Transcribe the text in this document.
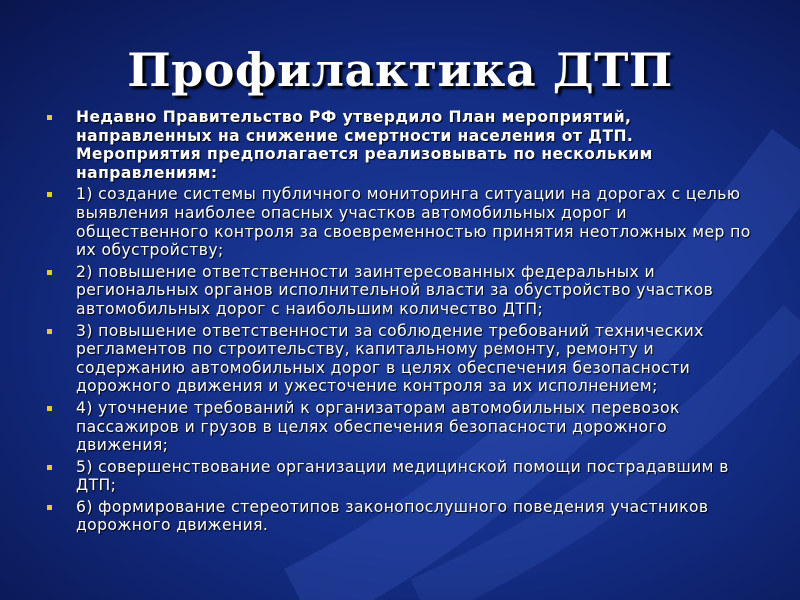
Профилактика ДТП
Недавно Правительство РФ утвердило План мероприятий, направленных на снижение смертности населения от ДТП. Мероприятия предполагается реализовывать по нескольким направлениям:
1) создание системы публичного мониторинга ситуации на дорогах с целью выявления наиболее опасных участков автомобильных дорог и общественного контроля за своевременностью принятия неотложных мер по их обустройству;
2) повышение ответственности заинтересованных федеральных и региональных органов исполнительной власти за обустройство участков автомобильных дорог с наибольшим количество ДТП;
3) повышение ответственности за соблюдение требований технических регламентов по строительству, капитальному ремонту, ремонту и содержанию автомобильных дорог в целях обеспечения безопасности дорожного движения и ужесточение контроля за их исполнением;
4) уточнение требований к организаторам автомобильных перевозок пассажиров и грузов в целях обеспечения безопасности дорожного движения;
5) совершенствование организации медицинской помощи пострадавшим в ДТП;
6) формирование стереотипов законопослушного поведения участников дорожного движения.
